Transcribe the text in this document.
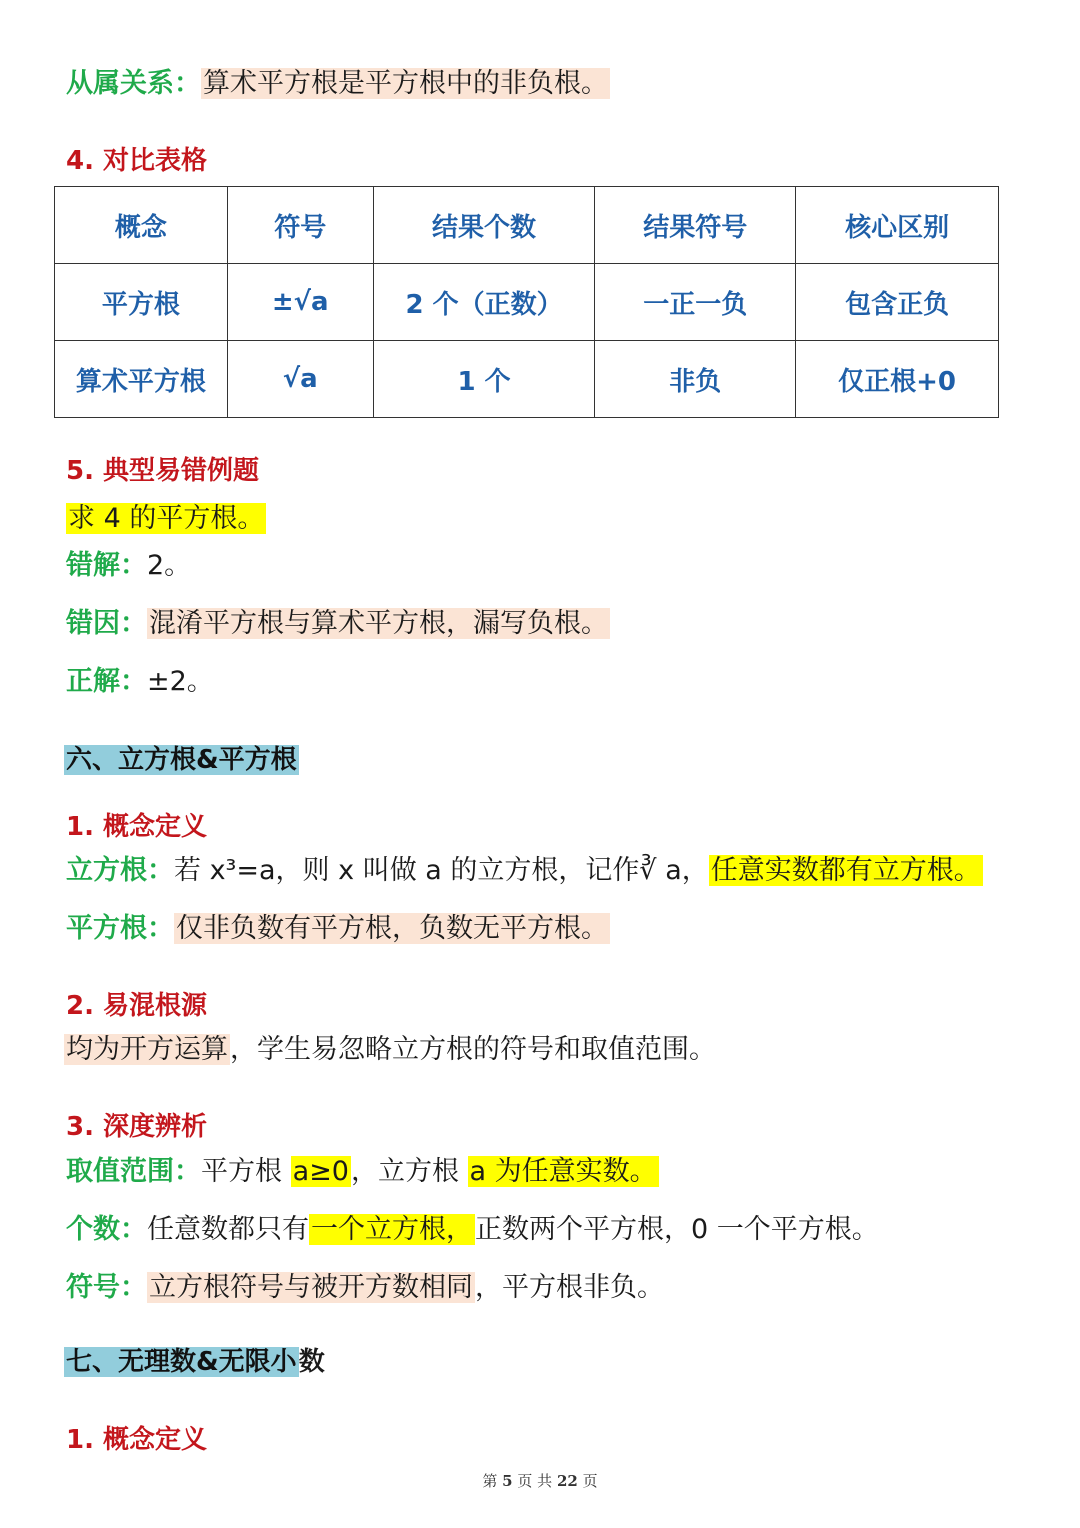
从属关系：算术平方根是平方根中的非负根。
4. 对比表格
概念	符号	结果个数	结果符号	核心区别
平方根	±√a	2 个（正数）	一正一负	包含正负
算术平方根	√a	1 个	非负	仅正根+0
5. 典型易错例题
求 4 的平方根。
错解：2。
错因：混淆平方根与算术平方根，漏写负根。
正解：±2。
六、立方根&平方根
1. 概念定义
立方根：若 x³=a，则 x 叫做 a 的立方根，记作∛ a，任意实数都有立方根。
平方根：仅非负数有平方根，负数无平方根。
2. 易混根源
均为开方运算，学生易忽略立方根的符号和取值范围。
3. 深度辨析
取值范围：平方根 a≥0，立方根 a 为任意实数。
个数：任意数都只有一个立方根，正数两个平方根，0 一个平方根。
符号：立方根符号与被开方数相同，平方根非负。
七、无理数&无限小数
1. 概念定义
第 5 页 共 22 页
